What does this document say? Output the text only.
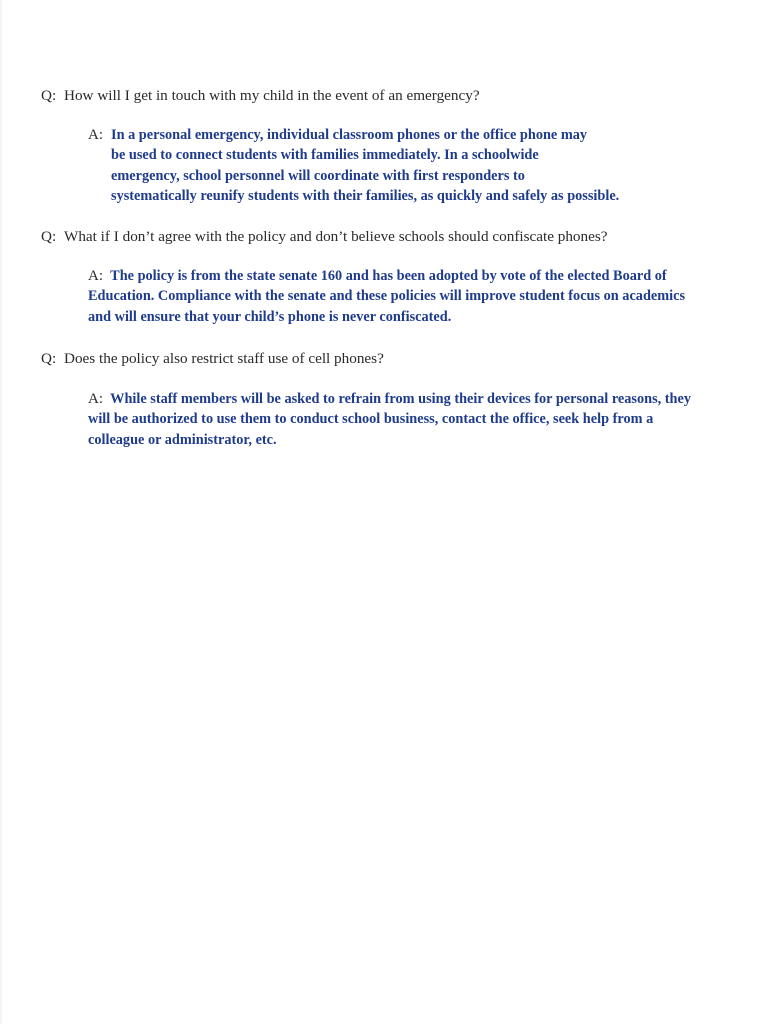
Q: How will I get in touch with my child in the event of an emergency?
A: In a personal emergency, individual classroom phones or the office phone may
be used to connect students with families immediately. In a schoolwide
emergency, school personnel will coordinate with first responders to
systematically reunify students with their families, as quickly and safely as possible.
Q: What if I don’t agree with the policy and don’t believe schools should confiscate phones?
A: The policy is from the state senate 160 and has been adopted by vote of the elected Board of
Education. Compliance with the senate and these policies will improve student focus on academics
and will ensure that your child’s phone is never confiscated.
Q: Does the policy also restrict staff use of cell phones?
A: While staff members will be asked to refrain from using their devices for personal reasons, they
will be authorized to use them to conduct school business, contact the office, seek help from a
colleague or administrator, etc.
